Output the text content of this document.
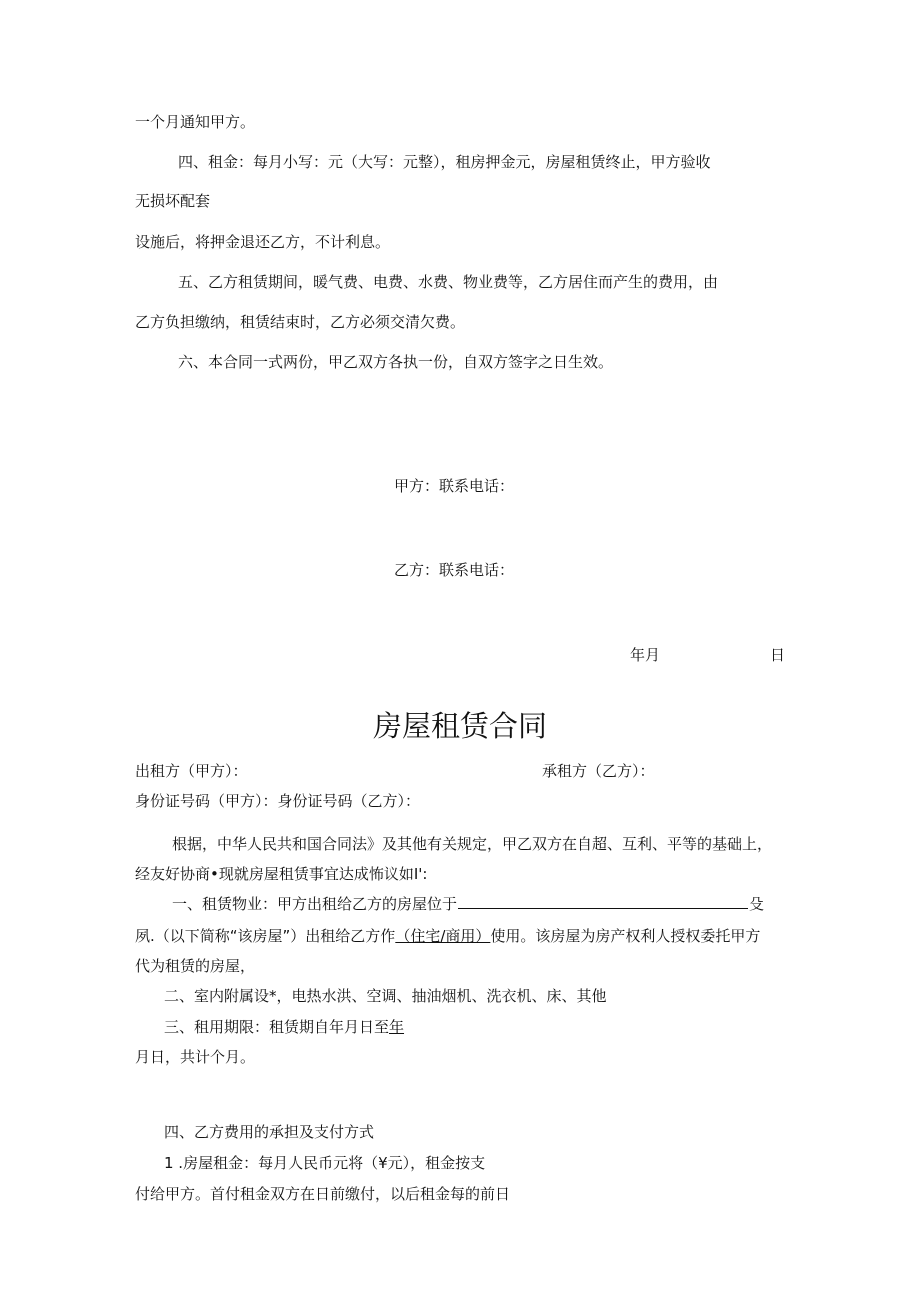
一个月通知甲方。

四、租金：每月小写：元（大写：元整），租房押金元，房屋租赁终止，甲方验收

无损坏配套

设施后，将押金退还乙方，不计利息。

五、乙方租赁期间，暖气费、电费、水费、物业费等，乙方居住而产生的费用，由

乙方负担缴纳，租赁结束时，乙方必须交清欠费。

六、本合同一式两份，甲乙双方各执一份，自双方签字之日生效。

甲方：联系电话：

乙方：联系电话：

年月	日

房屋租赁合同

出租方（甲方）：	承租方（乙方）：

身份证号码（甲方）：身份证号码（乙方）：

根据，中华人民共和国合同法》及其他有关规定，甲乙双方在自超、互利、平等的基础上，

经友好协商•现就房屋租赁事宜达成怖议如I':

一、租赁物业：甲方出租给乙方的房屋位于	殳

夙.（以下简称“该房屋”）出租给乙方作（住宅/商用）使用。该房屋为房产权利人授权委托甲方

代为租赁的房屋，

二、室内附属设*，电热水洪、空调、抽油烟机、洗衣机、床、其他

三、租用期限：租赁期自年月日至年

月日，共计个月。

四、乙方费用的承担及支付方式

1 .房屋租金：每月人民币元将（¥元），租金按支

付给甲方。首付租金双方在日前缴付，以后租金每的前日
